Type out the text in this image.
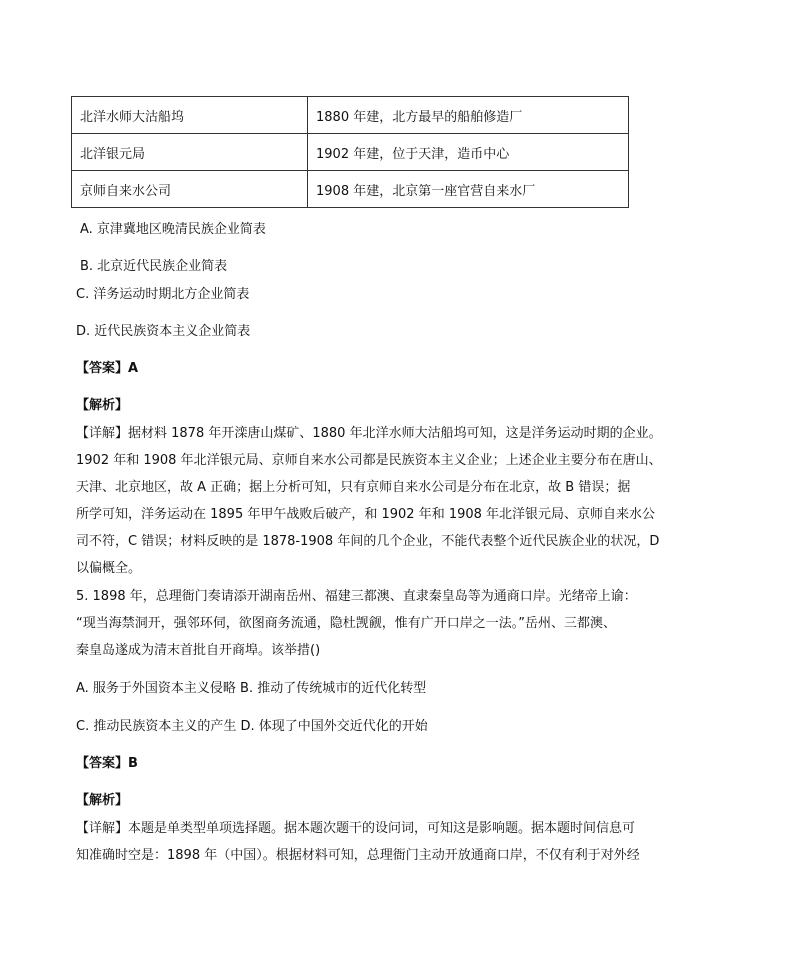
北洋水师大沽船坞	1880 年建，北方最早的船舶修造厂
北洋银元局	1902 年建，位于天津，造币中心
京师自来水公司	1908 年建，北京第一座官营自来水厂
A. 京津冀地区晚清民族企业简表
B. 北京近代民族企业简表
C. 洋务运动时期北方企业简表
D. 近代民族资本主义企业简表
【答案】A
【解析】
【详解】据材料 1878 年开滦唐山煤矿、1880 年北洋水师大沽船坞可知，这是洋务运动时期的企业。
1902 年和 1908 年北洋银元局、京师自来水公司都是民族资本主义企业；上述企业主要分布在唐山、
天津、北京地区，故 A 正确；据上分析可知，只有京师自来水公司是分布在北京，故 B 错误；据
所学可知，洋务运动在 1895 年甲午战败后破产，和 1902 年和 1908 年北洋银元局、京师自来水公
司不符，C 错误；材料反映的是 1878-1908 年间的几个企业，不能代表整个近代民族企业的状况，D
以偏概全。
5. 1898 年，总理衙门奏请添开湖南岳州、福建三都澳、直隶秦皇岛等为通商口岸。光绪帝上谕：
“现当海禁洞开，强邻环伺，欲图商务流通，隐杜觊觎，惟有广开口岸之一法。”岳州、三都澳、
秦皇岛遂成为清末首批自开商埠。该举措()
A. 服务于外国资本主义侵略 B. 推动了传统城市的近代化转型
C. 推动民族资本主义的产生 D. 体现了中国外交近代化的开始
【答案】B
【解析】
【详解】本题是单类型单项选择题。据本题次题干的设问词，可知这是影响题。据本题时间信息可
知准确时空是：1898 年（中国）。根据材料可知，总理衙门主动开放通商口岸，不仅有利于对外经
